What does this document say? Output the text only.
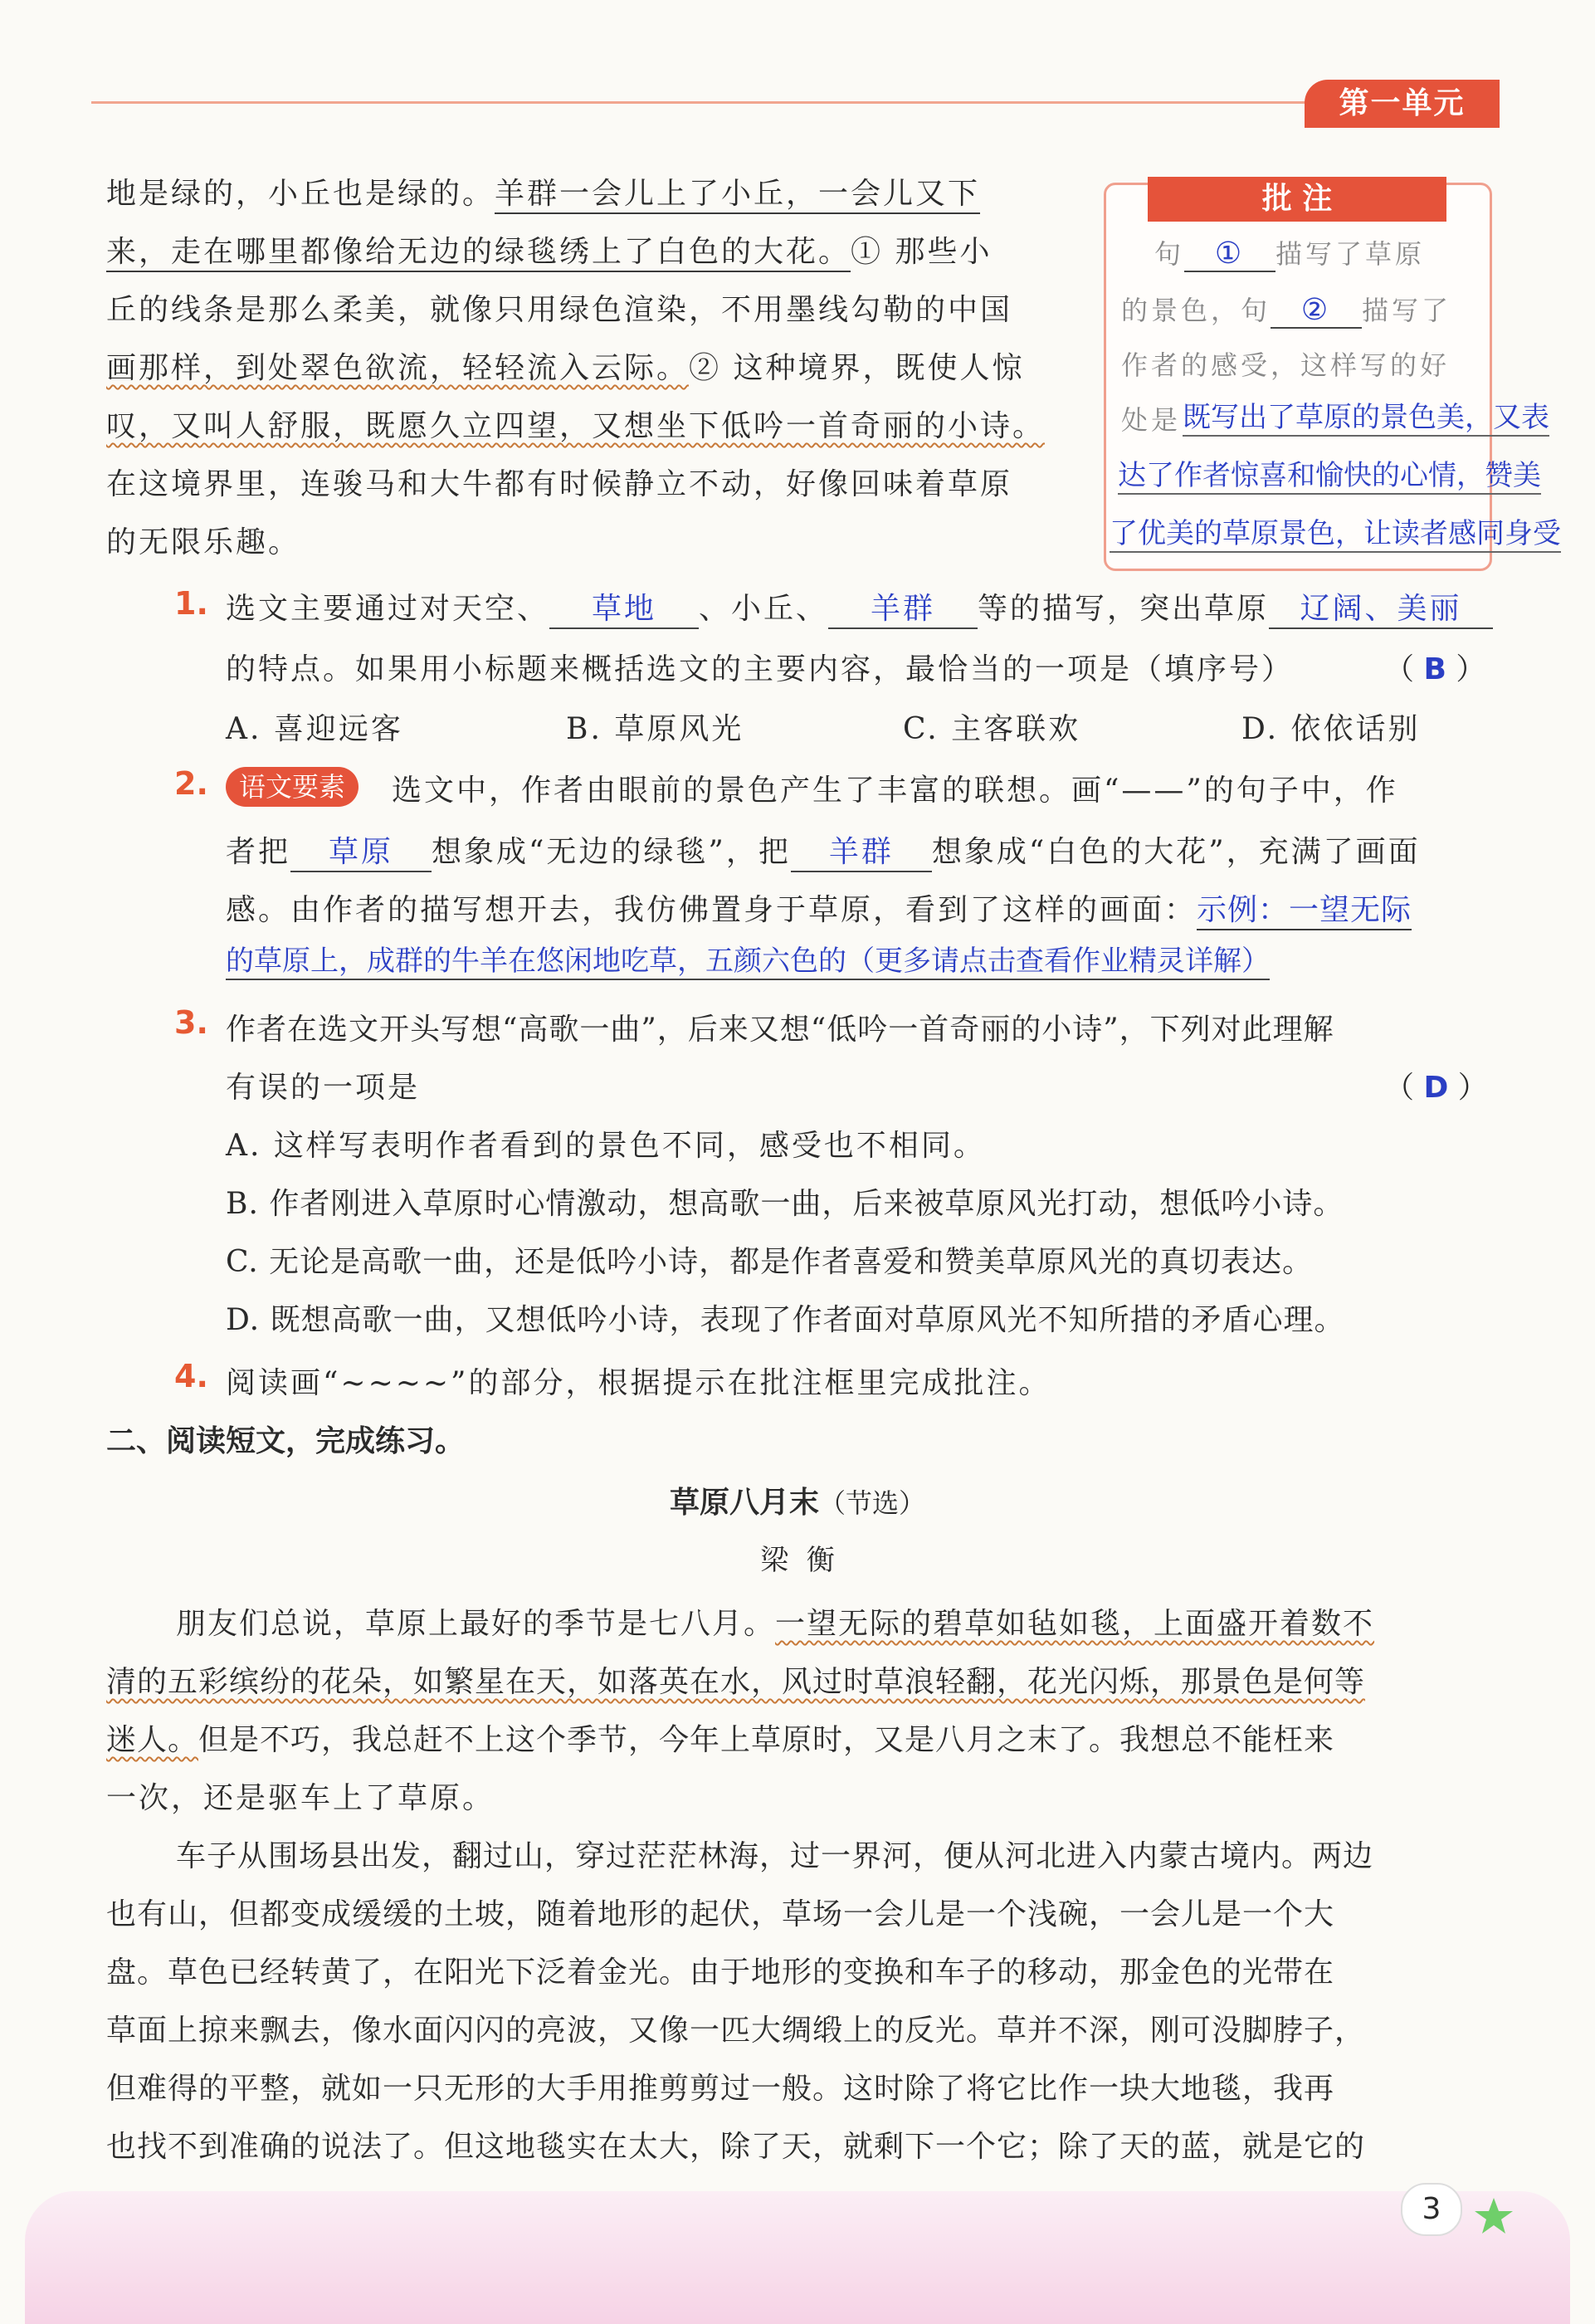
第一单元
地是绿的，小丘也是绿的。羊群一会儿上了小丘，一会儿又下
来，走在哪里都像给无边的绿毯绣上了白色的大花。① 那些小
丘的线条是那么柔美，就像只用绿色渲染，不用墨线勾勒的中国
画那样，到处翠色欲流，轻轻流入云际。② 这种境界，既使人惊
叹，又叫人舒服，既愿久立四望，又想坐下低吟一首奇丽的小诗。
在这境界里，连骏马和大牛都有时候静立不动，好像回味着草原
的无限乐趣。
批 注
句 ① 描写了草原
的景色，句 ② 描写了
作者的感受，这样写的好
处是 既写出了草原的景色美，又表
达了作者惊喜和愉快的心情，赞美
了优美的草原景色，让读者感同身受
1. 选文主要通过对天空、 草地 、小丘、 羊群 等的描写，突出草原 辽阔、美丽
的特点。如果用小标题来概括选文的主要内容，最恰当的一项是（填序号）	（ B ）
A. 喜迎远客	B. 草原风光	C. 主客联欢	D. 依依话别
2.	语文要素	选文中，作者由眼前的景色产生了丰富的联想。画“——”的句子中，作
者把 草原 想象成“无边的绿毯”，把 羊群 想象成“白色的大花”，充满了画面
感。由作者的描写想开去，我仿佛置身于草原，看到了这样的画面：示例：一望无际
的草原上，成群的牛羊在悠闲地吃草，五颜六色的（更多请点击查看作业精灵详解）
3. 作者在选文开头写想“高歌一曲”，后来又想“低吟一首奇丽的小诗”，下列对此理解
有误的一项是	（ D ）
A. 这样写表明作者看到的景色不同，感受也不相同。
B. 作者刚进入草原时心情激动，想高歌一曲，后来被草原风光打动，想低吟小诗。
C. 无论是高歌一曲，还是低吟小诗，都是作者喜爱和赞美草原风光的真切表达。
D. 既想高歌一曲，又想低吟小诗，表现了作者面对草原风光不知所措的矛盾心理。
4. 阅读画“~~~~”的部分，根据提示在批注框里完成批注。
二、阅读短文，完成练习。
草原八月末（节选）
梁  衡
朋友们总说，草原上最好的季节是七八月。一望无际的碧草如毡如毯，上面盛开着数不
清的五彩缤纷的花朵，如繁星在天，如落英在水，风过时草浪轻翻，花光闪烁，那景色是何等
迷人。但是不巧，我总赶不上这个季节，今年上草原时，又是八月之末了。我想总不能枉来
一次，还是驱车上了草原。
车子从围场县出发，翻过山，穿过茫茫林海，过一界河，便从河北进入内蒙古境内。两边
也有山，但都变成缓缓的土坡，随着地形的起伏，草场一会儿是一个浅碗，一会儿是一个大
盘。草色已经转黄了，在阳光下泛着金光。由于地形的变换和车子的移动，那金色的光带在
草面上掠来飘去，像水面闪闪的亮波，又像一匹大绸缎上的反光。草并不深，刚可没脚脖子，
但难得的平整，就如一只无形的大手用推剪剪过一般。这时除了将它比作一块大地毯，我再
也找不到准确的说法了。但这地毯实在太大，除了天，就剩下一个它；除了天的蓝，就是它的
3
